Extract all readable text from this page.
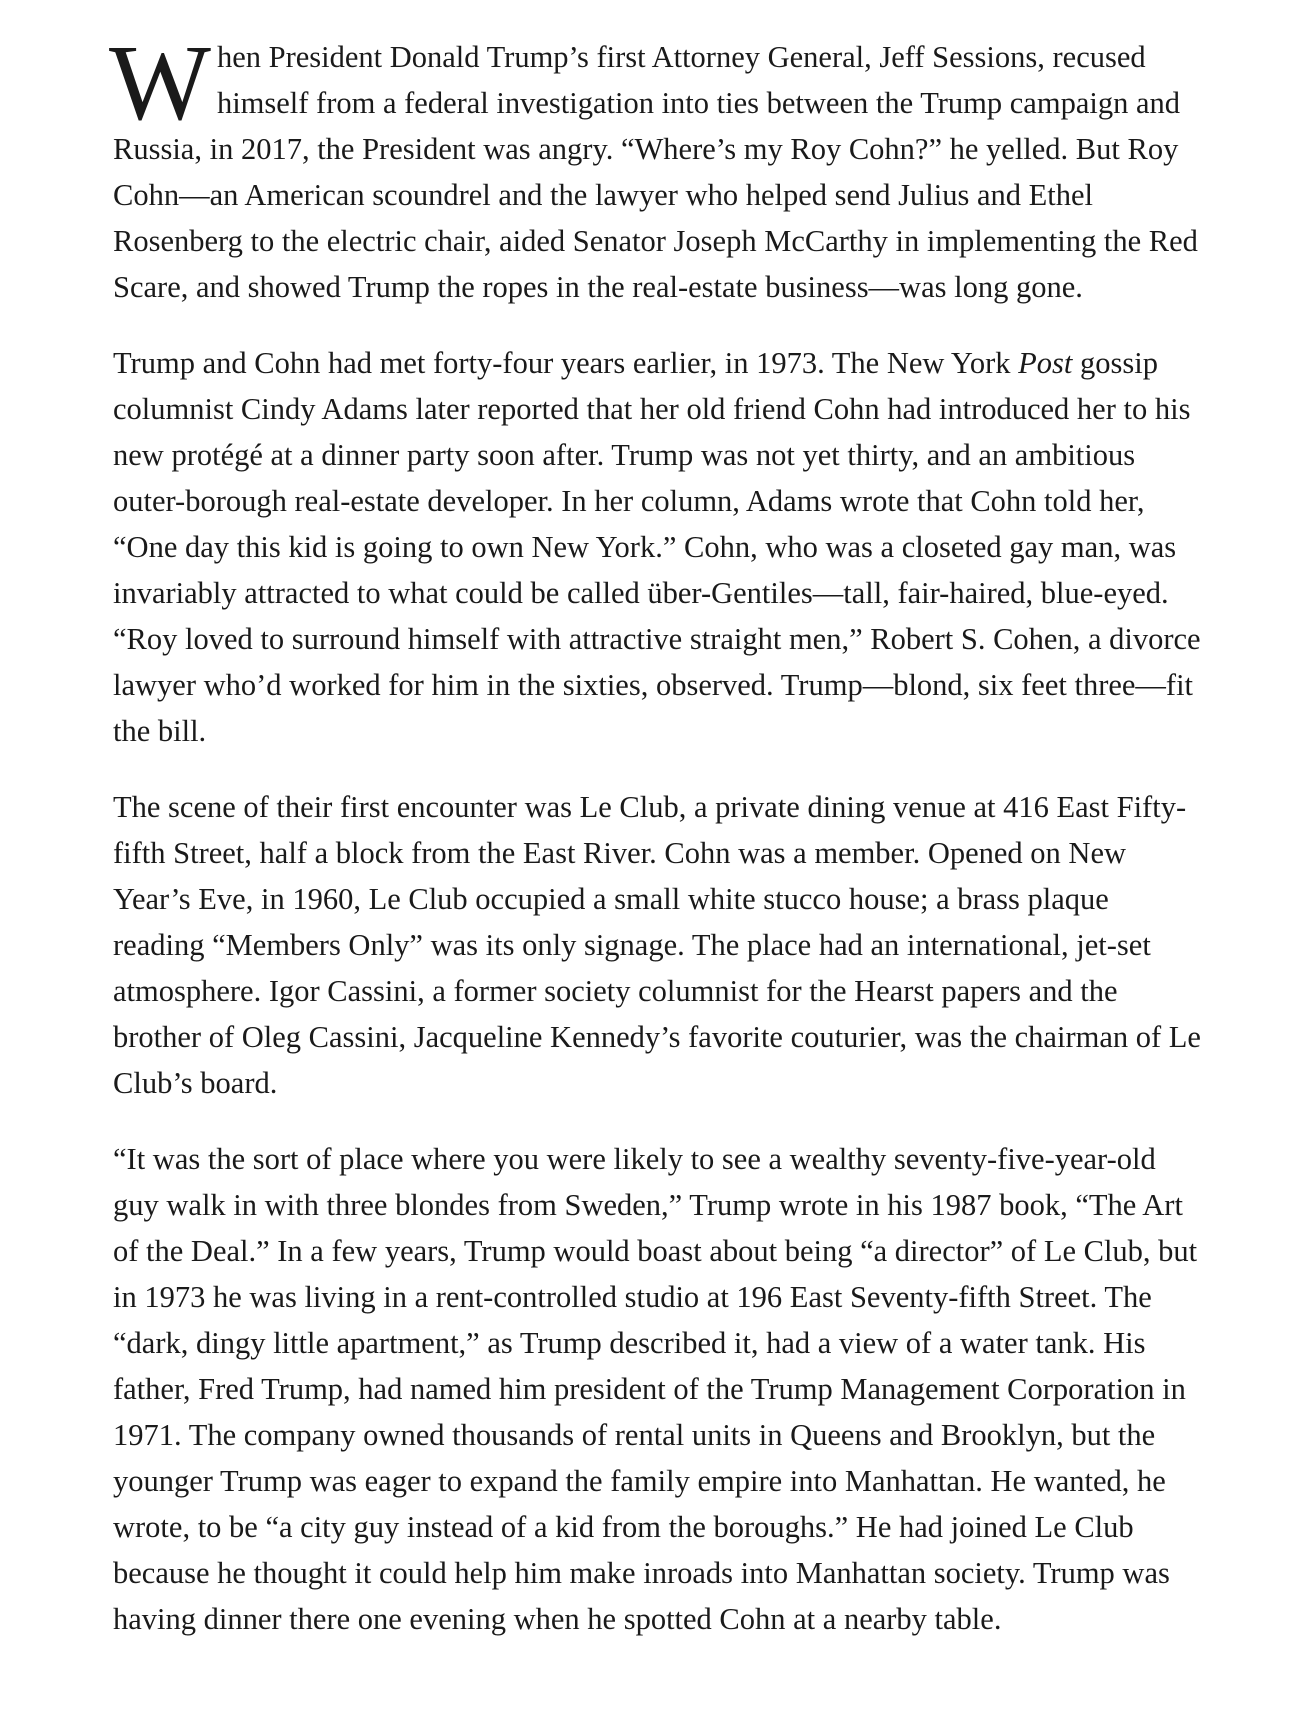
When President Donald Trump’s first Attorney General, Jeff Sessions, recused himself from a federal investigation into ties between the Trump campaign and Russia, in 2017, the President was angry. “Where’s my Roy Cohn?” he yelled. But Roy Cohn—an American scoundrel and the lawyer who helped send Julius and Ethel Rosenberg to the electric chair, aided Senator Joseph McCarthy in implementing the Red Scare, and showed Trump the ropes in the real-estate business—was long gone.

Trump and Cohn had met forty-four years earlier, in 1973. The New York Post gossip columnist Cindy Adams later reported that her old friend Cohn had introduced her to his new protégé at a dinner party soon after. Trump was not yet thirty, and an ambitious outer-borough real-estate developer. In her column, Adams wrote that Cohn told her, “One day this kid is going to own New York.” Cohn, who was a closeted gay man, was invariably attracted to what could be called über-Gentiles—tall, fair-haired, blue-eyed. “Roy loved to surround himself with attractive straight men,” Robert S. Cohen, a divorce lawyer who’d worked for him in the sixties, observed. Trump—blond, six feet three—fit the bill.

The scene of their first encounter was Le Club, a private dining venue at 416 East Fifty-fifth Street, half a block from the East River. Cohn was a member. Opened on New Year’s Eve, in 1960, Le Club occupied a small white stucco house; a brass plaque reading “Members Only” was its only signage. The place had an international, jet-set atmosphere. Igor Cassini, a former society columnist for the Hearst papers and the brother of Oleg Cassini, Jacqueline Kennedy’s favorite couturier, was the chairman of Le Club’s board.

“It was the sort of place where you were likely to see a wealthy seventy-five-year-old guy walk in with three blondes from Sweden,” Trump wrote in his 1987 book, “The Art of the Deal.” In a few years, Trump would boast about being “a director” of Le Club, but in 1973 he was living in a rent-controlled studio at 196 East Seventy-fifth Street. The “dark, dingy little apartment,” as Trump described it, had a view of a water tank. His father, Fred Trump, had named him president of the Trump Management Corporation in 1971. The company owned thousands of rental units in Queens and Brooklyn, but the younger Trump was eager to expand the family empire into Manhattan. He wanted, he wrote, to be “a city guy instead of a kid from the boroughs.” He had joined Le Club because he thought it could help him make inroads into Manhattan society. Trump was having dinner there one evening when he spotted Cohn at a nearby table.
